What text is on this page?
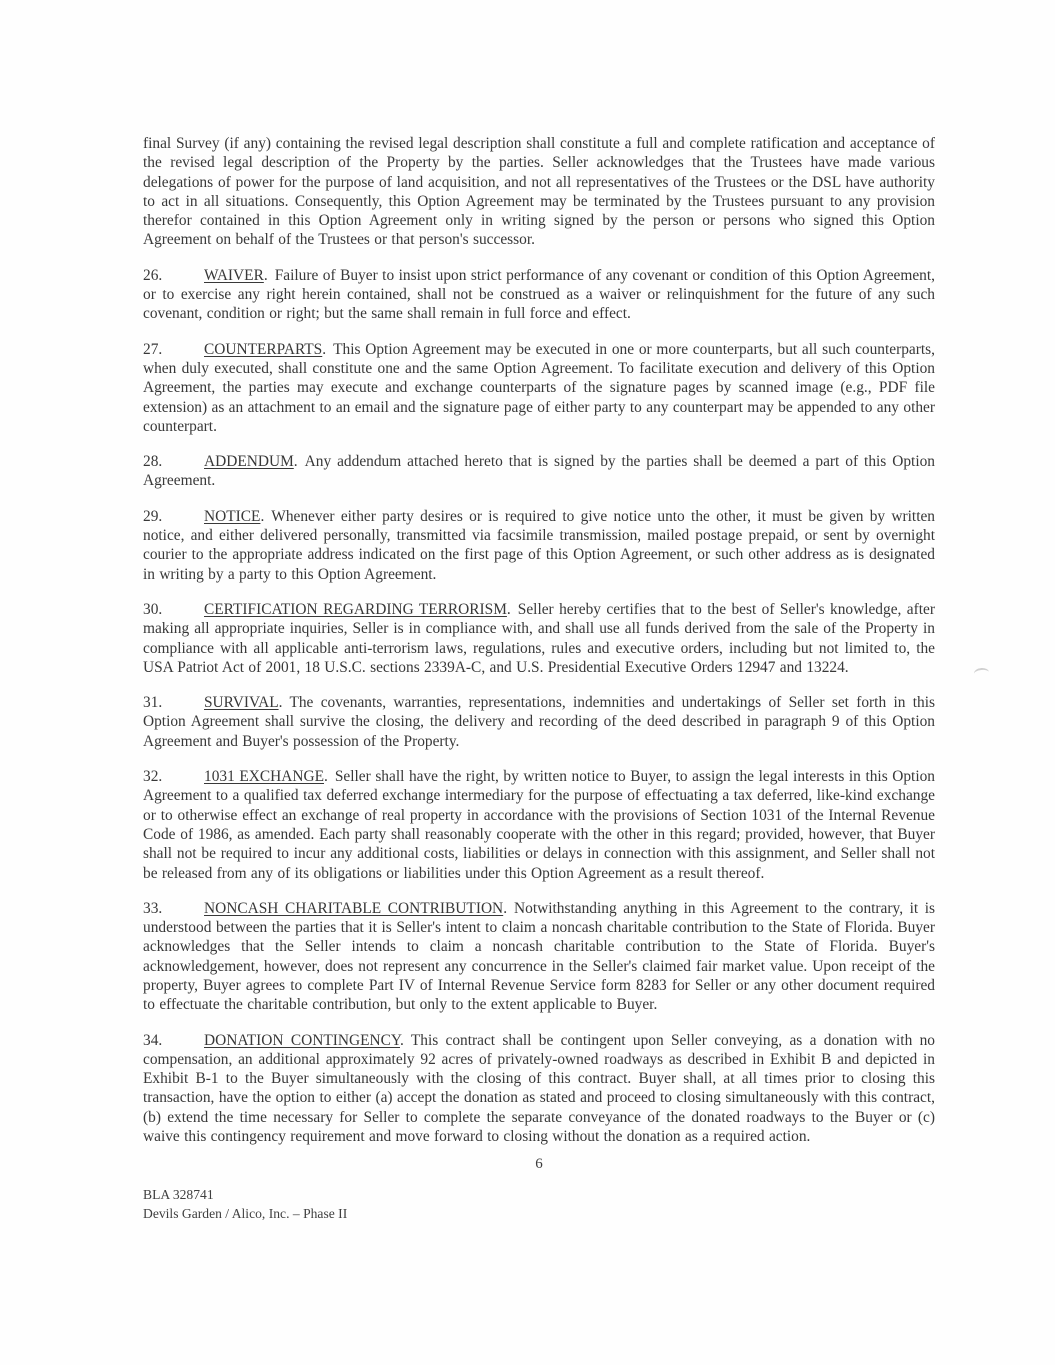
final Survey (if any) containing the revised legal description shall constitute a full and complete ratification and acceptance of the revised legal description of the Property by the parties. Seller acknowledges that the Trustees have made various delegations of power for the purpose of land acquisition, and not all representatives of the Trustees or the DSL have authority to act in all situations. Consequently, this Option Agreement may be terminated by the Trustees pursuant to any provision therefor contained in this Option Agreement only in writing signed by the person or persons who signed this Option Agreement on behalf of the Trustees or that person's successor.

26.	WAIVER. Failure of Buyer to insist upon strict performance of any covenant or condition of this Option Agreement, or to exercise any right herein contained, shall not be construed as a waiver or relinquishment for the future of any such covenant, condition or right; but the same shall remain in full force and effect.

27.	COUNTERPARTS. This Option Agreement may be executed in one or more counterparts, but all such counterparts, when duly executed, shall constitute one and the same Option Agreement. To facilitate execution and delivery of this Option Agreement, the parties may execute and exchange counterparts of the signature pages by scanned image (e.g., PDF file extension) as an attachment to an email and the signature page of either party to any counterpart may be appended to any other counterpart.

28.	ADDENDUM. Any addendum attached hereto that is signed by the parties shall be deemed a part of this Option Agreement.

29.	NOTICE. Whenever either party desires or is required to give notice unto the other, it must be given by written notice, and either delivered personally, transmitted via facsimile transmission, mailed postage prepaid, or sent by overnight courier to the appropriate address indicated on the first page of this Option Agreement, or such other address as is designated in writing by a party to this Option Agreement.

30.	CERTIFICATION REGARDING TERRORISM. Seller hereby certifies that to the best of Seller's knowledge, after making all appropriate inquiries, Seller is in compliance with, and shall use all funds derived from the sale of the Property in compliance with all applicable anti-terrorism laws, regulations, rules and executive orders, including but not limited to, the USA Patriot Act of 2001, 18 U.S.C. sections 2339A-C, and U.S. Presidential Executive Orders 12947 and 13224.

31.	SURVIVAL. The covenants, warranties, representations, indemnities and undertakings of Seller set forth in this Option Agreement shall survive the closing, the delivery and recording of the deed described in paragraph 9 of this Option Agreement and Buyer's possession of the Property.

32.	1031 EXCHANGE. Seller shall have the right, by written notice to Buyer, to assign the legal interests in this Option Agreement to a qualified tax deferred exchange intermediary for the purpose of effectuating a tax deferred, like-kind exchange or to otherwise effect an exchange of real property in accordance with the provisions of Section 1031 of the Internal Revenue Code of 1986, as amended. Each party shall reasonably cooperate with the other in this regard; provided, however, that Buyer shall not be required to incur any additional costs, liabilities or delays in connection with this assignment, and Seller shall not be released from any of its obligations or liabilities under this Option Agreement as a result thereof.

33.	NONCASH CHARITABLE CONTRIBUTION. Notwithstanding anything in this Agreement to the contrary, it is understood between the parties that it is Seller's intent to claim a noncash charitable contribution to the State of Florida. Buyer acknowledges that the Seller intends to claim a noncash charitable contribution to the State of Florida. Buyer's acknowledgement, however, does not represent any concurrence in the Seller's claimed fair market value. Upon receipt of the property, Buyer agrees to complete Part IV of Internal Revenue Service form 8283 for Seller or any other document required to effectuate the charitable contribution, but only to the extent applicable to Buyer.

34.	DONATION CONTINGENCY. This contract shall be contingent upon Seller conveying, as a donation with no compensation, an additional approximately 92 acres of privately-owned roadways as described in Exhibit B and depicted in Exhibit B-1 to the Buyer simultaneously with the closing of this contract. Buyer shall, at all times prior to closing this transaction, have the option to either (a) accept the donation as stated and proceed to closing simultaneously with this contract, (b) extend the time necessary for Seller to complete the separate conveyance of the donated roadways to the Buyer or (c) waive this contingency requirement and move forward to closing without the donation as a required action.

6
BLA 328741
Devils Garden / Alico, Inc. – Phase II
